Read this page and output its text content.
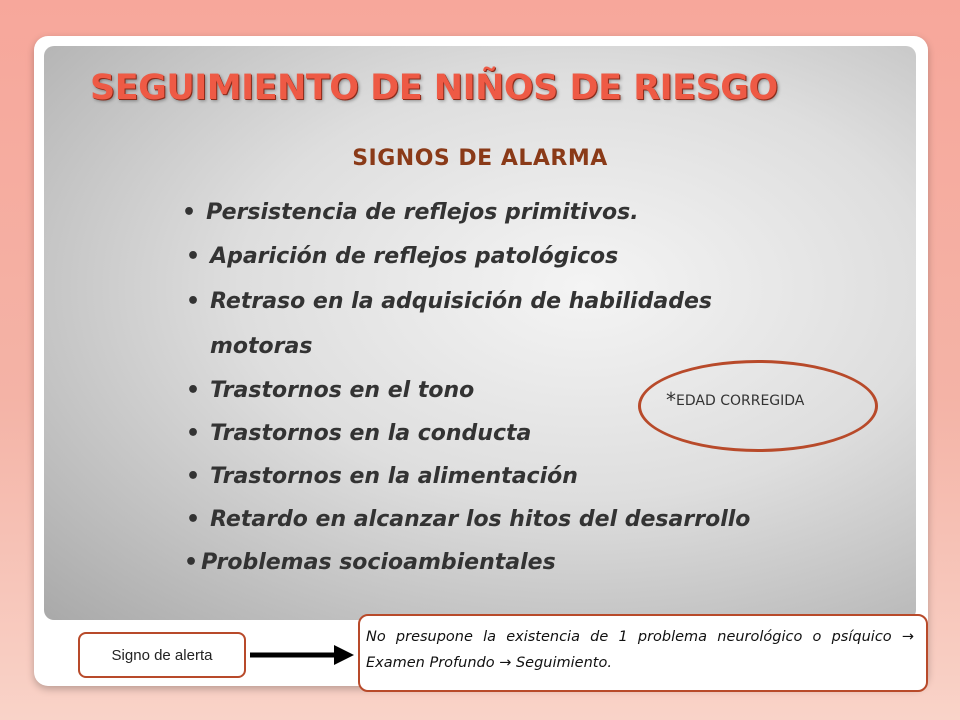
SEGUIMIENTO DE NIÑOS DE RIESGO
SIGNOS DE ALARMA
• Persistencia de reflejos primitivos.
• Aparición de reflejos patológicos
• Retraso en la adquisición de habilidades
motoras
• Trastornos en el tono
• Trastornos en la conducta
• Trastornos en la alimentación
• Retardo en alcanzar los hitos del desarrollo
• Problemas socioambientales
*EDAD CORREGIDA
Signo de alerta
No presupone la existencia de 1 problema neurológico o psíquico → Examen Profundo → Seguimiento.
